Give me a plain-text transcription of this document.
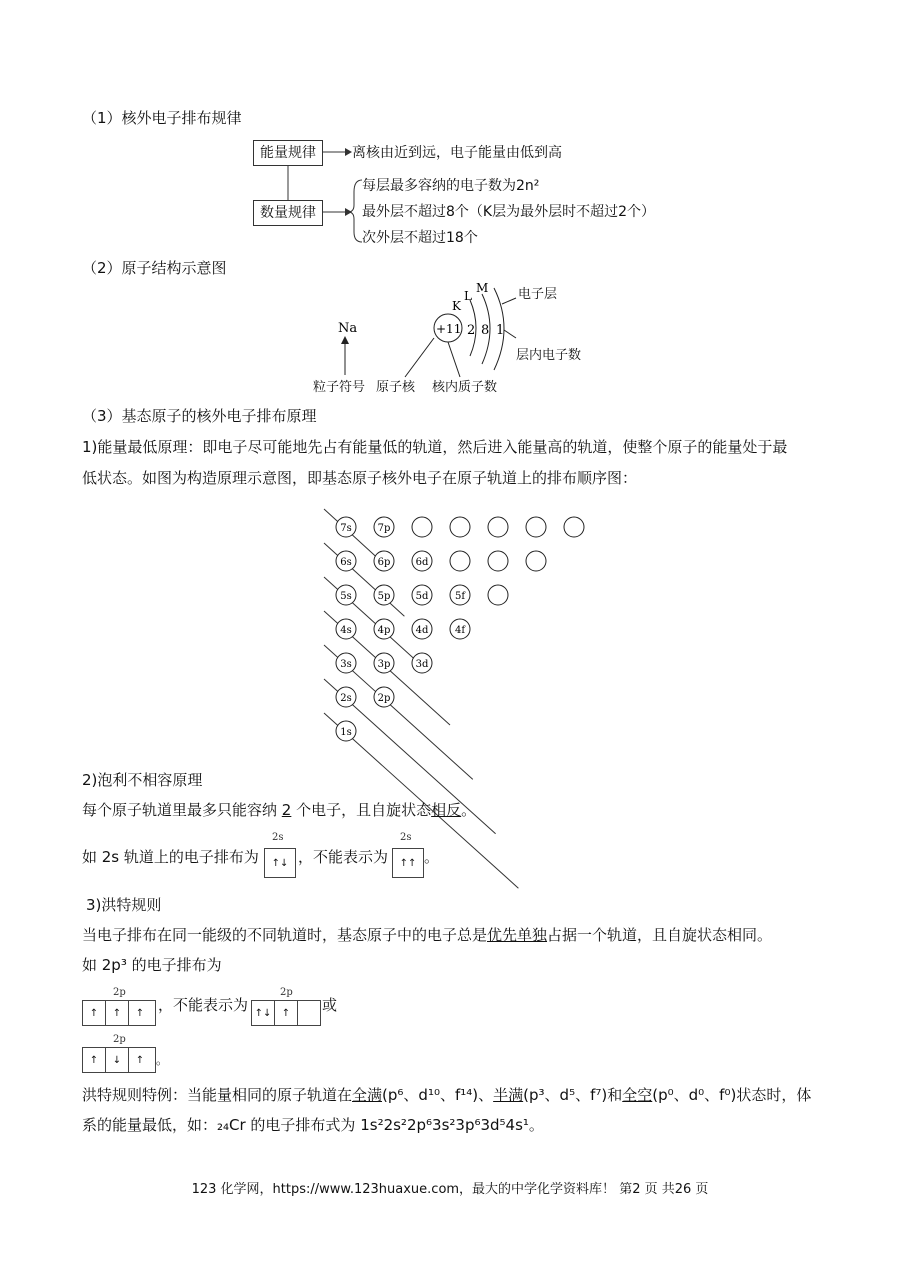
（1）核外电子排布规律
能量规律
数量规律
离核由近到远，电子能量由低到高
每层最多容纳的电子数为2n²
最外层不超过8个（K层为最外层时不超过2个）
次外层不超过18个
（2）原子结构示意图
Na	+11
K
L
M
2 8 1
电子层
层内电子数
粒子符号 原子核 核内质子数
（3）基态原子的核外电子排布原理
1)能量最低原理：即电子尽可能地先占有能量低的轨道，然后进入能量高的轨道，使整个原子的能量处于最
低状态。如图为构造原理示意图，即基态原子核外电子在原子轨道上的排布顺序图：
7s	7p
6s	6p	6d
5s	5p	5d	5f
4s	4p	4d	4f
3s	3p	3d
2s	2p
1s
2)泡利不相容原理
每个原子轨道里最多只能容纳 2 个电子，且自旋状态相反。
如 2s 轨道上的电子排布为
2s
↑↓ ，不能表示为
2s
↑↑ 。
3)洪特规则
当电子排布在同一能级的不同轨道时，基态原子中的电子总是优先单独占据一个轨道，且自旋状态相同。
如 2p³ 的电子排布为
2p
↑	↑	↑ ，不能表示为
2p
↑↓	↑	或
2p
↑	↓	↑ 。
洪特规则特例：当能量相同的原子轨道在全满(p⁶、d¹⁰、f¹⁴)、半满(p³、d⁵、f⁷)和全空(p⁰、d⁰、f⁰)状态时，体
系的能量最低，如：₂₄Cr 的电子排布式为 1s²2s²2p⁶3s²3p⁶3d⁵4s¹。
123 化学网，https://www.123huaxue.com，最大的中学化学资料库！ 第2 页 共26 页
